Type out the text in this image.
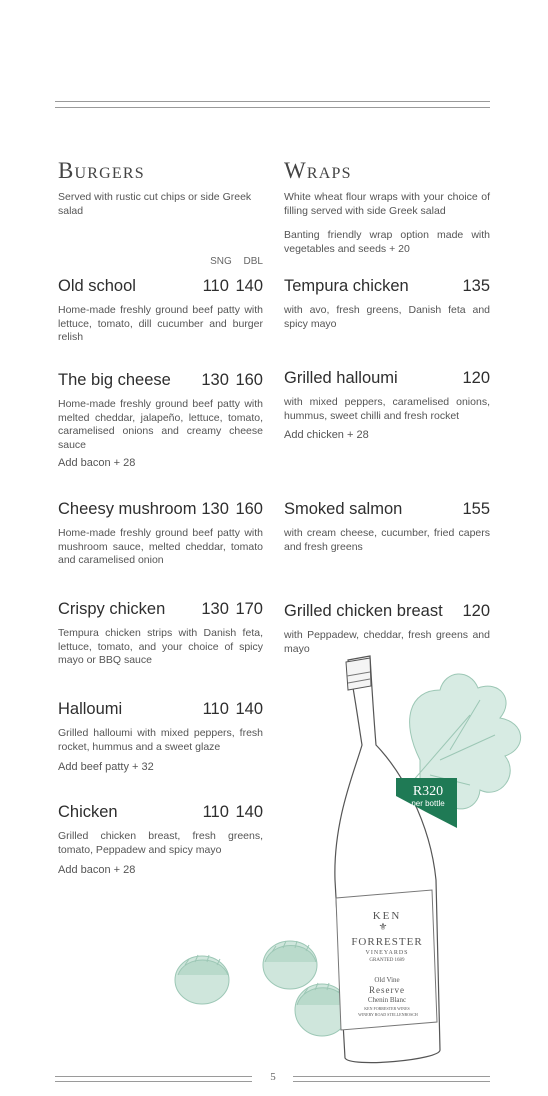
Burgers
Served with rustic cut chips or side Greek salad
SNG DBL
Old school	110 140
Home-made freshly ground beef patty with lettuce, tomato, dill cucumber and burger relish
The big cheese 130 160
Home-made freshly ground beef patty with melted cheddar, jalapeño, lettuce, tomato, caramelised onions and creamy cheese sauce
Add bacon + 28
Cheesy mushroom 130 160
Home-made freshly ground beef patty with mushroom sauce, melted cheddar, tomato and caramelised onion
Crispy chicken 130 170
Tempura chicken strips with Danish feta, lettuce, tomato, and your choice of spicy mayo or BBQ sauce
Halloumi	110 140
Grilled halloumi with mixed peppers, fresh rocket, hummus and a sweet glaze
Add beef patty + 32
Chicken	110 140
Grilled chicken breast, fresh greens, tomato, Peppadew and spicy mayo
Add bacon + 28
Wraps
White wheat flour wraps with your choice of filling served with side Greek salad
Banting friendly wrap option made with vegetables and seeds + 20
Tempura chicken	135
with avo, fresh greens, Danish feta and spicy mayo
Grilled halloumi	120
with mixed peppers, caramelised onions, hummus, sweet chilli and fresh rocket
Add chicken + 28
Smoked salmon	155
with cream cheese, cucumber, fried capers and fresh greens
Grilled chicken breast 120
with Peppadew, cheddar, fresh greens and mayo
R320
per bottle
KEN
⚜
FORRESTER
VINEYARDS
GRANTED 1689
Old Vine
Reserve
Chenin Blanc
KEN FORRESTER WINES
WINERY ROAD STELLENBOSCH
5
